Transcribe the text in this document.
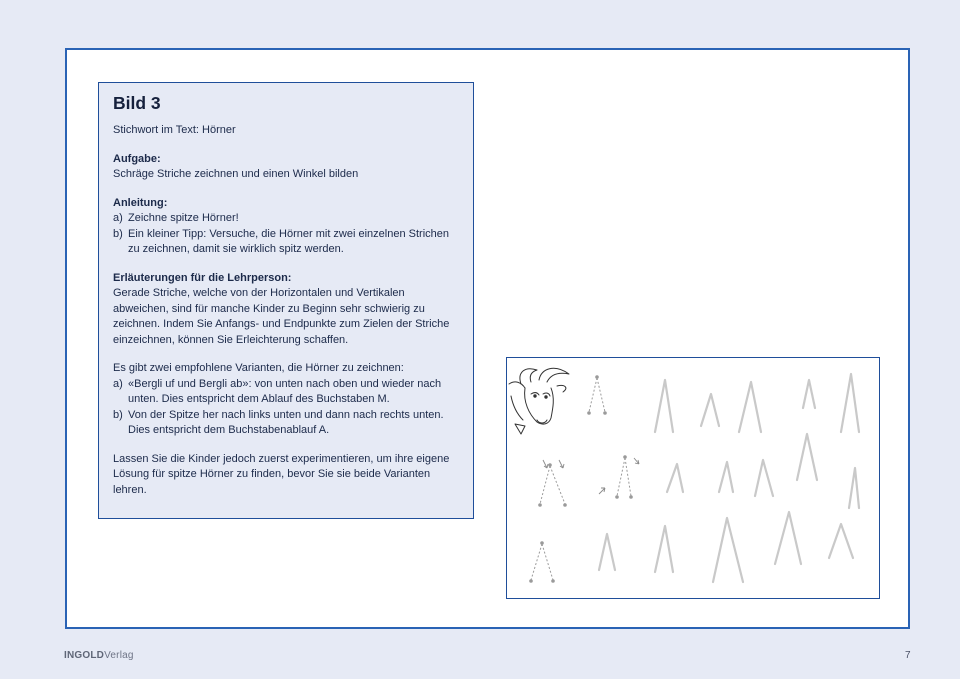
Bild 3

Stichwort im Text: Hörner

Aufgabe:

Schräge Striche zeichnen und einen Winkel bilden

Anleitung:

a) Zeichne spitze Hörner!
b) Ein kleiner Tipp: Versuche, die Hörner mit zwei einzelnen Strichen zu zeichnen, damit sie wirklich spitz werden.

Erläuterungen für die Lehrperson:

Gerade Striche, welche von der Horizontalen und Vertikalen abweichen, sind für manche Kinder zu Beginn sehr schwierig zu zeichnen. Indem Sie Anfangs- und Endpunkte zum Zielen der Striche einzeichnen, können Sie Erleichterung schaffen.

Es gibt zwei empfohlene Varianten, die Hörner zu zeichnen:

a) «Bergli uf und Bergli ab»: von unten nach oben und wieder nach unten. Dies entspricht dem Ablauf des Buchstaben M.
b) Von der Spitze her nach links unten und dann nach rechts unten. Dies entspricht dem Buchstabenablauf A.

Lassen Sie die Kinder jedoch zuerst experimentieren, um ihre eigene Lösung für spitze Hörner zu finden, bevor Sie sie beide Varianten lehren.

INGOLDVerlag	7
